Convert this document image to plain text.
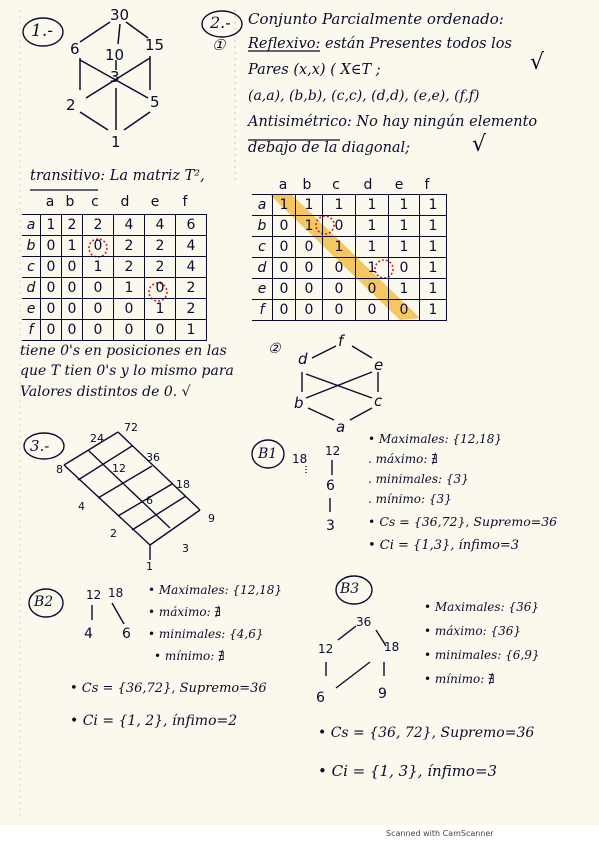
1.-
30
6 10
15
3
2	5
1
2.- Conjunto Parcialmente ordenado:
① Reflexivo: están Presentes todos los
Pares (x,x) ( X∈T ;
(a,a), (b,b), (c,c), (d,d), (e,e), (f,f)
√
Antisimétrico: No hay ningún elemento
debajo de la diagonal;	√
transitivo: La matriz T²,
	a	b	c	d	e	f
a	1	2	2	4	4	6
b	0	1	0	2	2	4
c	0	0	1	2	2	4
d	0	0	0	1	0	2
e	0	0	0	0	1	2
f	0	0	0	0	0	1
tiene 0's en posiciones en las
que T tien 0's y lo mismo para
Valores distintos de 0. √
	a	b	c	d	e	f
a	1	1	1	1	1	1
b	0	1	0	1	1	1
c	0	0	1	1	1	1
d	0	0	0	1	0	1
e	0	0	0	0	1	1
f	0	0	0	0	0	1
②	f
d	e
b	c
a
3.-
72
24
36
12
18
8
6
4
9
2
3
1
B1 18
12
6
3
• Maximales: {12,18}
. máximo: ∄
. minimales: {3}
. mínimo: {3}
• Cs = {36,72}, Supremo=36
• Ci = {1,3}, ínfimo=3
B2	12 18
4 6
• Maximales: {12,18}
• máximo: ∄
• minimales: {4,6}
• mínimo: ∄
• Cs = {36,72}, Supremo=36
• Ci = {1, 2}, ínfimo=2
B3
36
12	18
6	9
• Maximales: {36}
• máximo: {36}
• minimales: {6,9}
• mínimo: ∄
• Cs = {36, 72}, Supremo=36
• Ci = {1, 3}, ínfimo=3
Scanned with CamScanner
